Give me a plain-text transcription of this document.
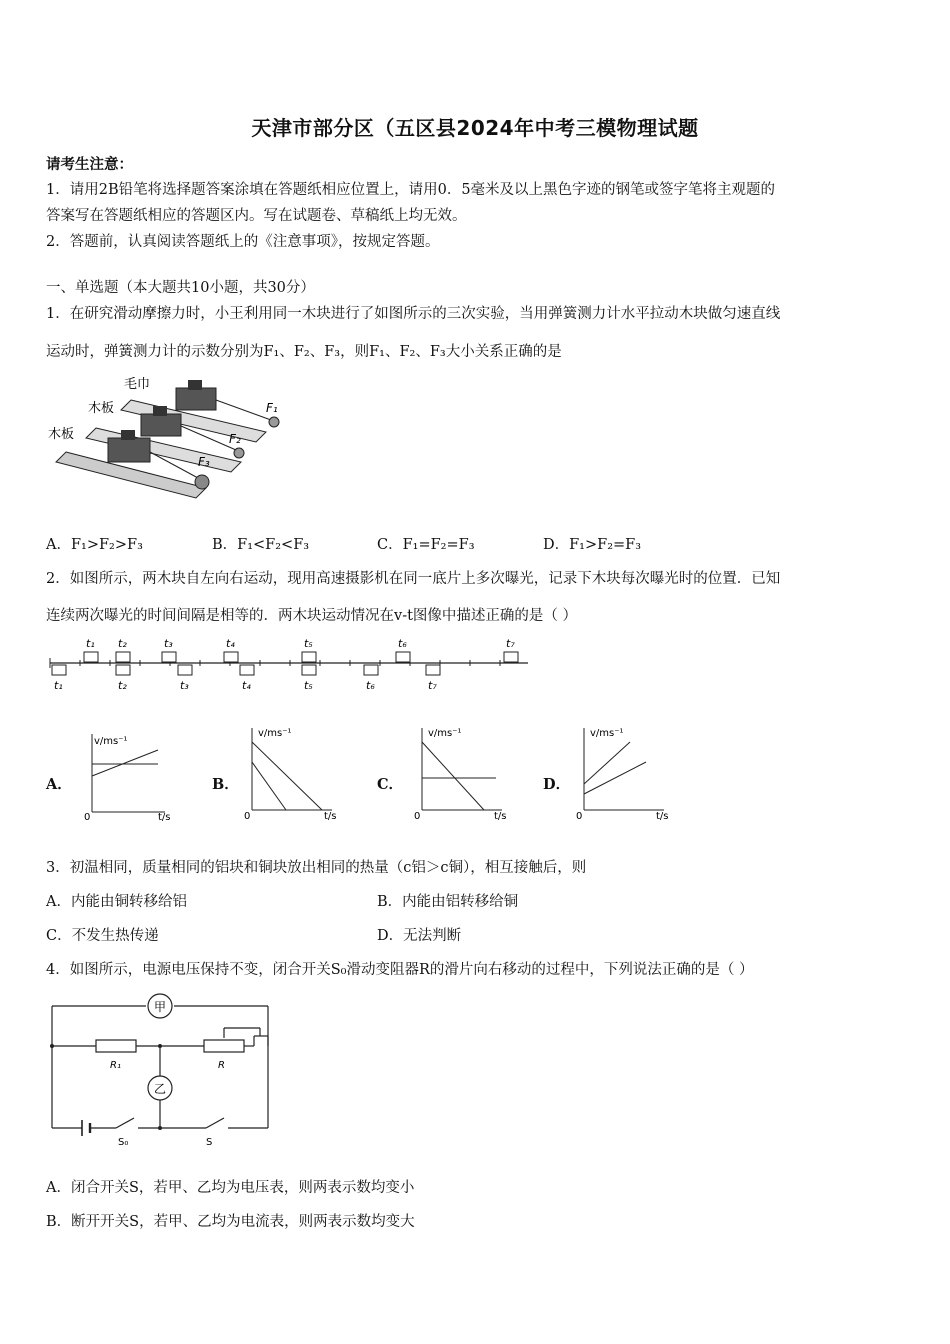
天津市部分区（五区县2024年中考三模物理试题
请考生注意：
1．请用2B铅笔将选择题答案涂填在答题纸相应位置上，请用0．5毫米及以上黑色字迹的钢笔或签字笔将主观题的
答案写在答题纸相应的答题区内。写在试题卷、草稿纸上均无效。
2．答题前，认真阅读答题纸上的《注意事项》，按规定答题。
一、单选题（本大题共10小题，共30分）
1．在研究滑动摩擦力时，小王利用同一木块进行了如图所示的三次实验，当用弹簧测力计水平拉动木块做匀速直线
运动时，弹簧测力计的示数分别为F₁、F₂、F₃，则F₁、F₂、F₃大小关系正确的是
毛巾
木板
木板
F₁
F₂
F₃
A．F₁>F₂>F₃	B．F₁<F₂<F₃	C．F₁=F₂=F₃	D．F₁>F₂=F₃
2．如图所示，两木块自左向右运动，现用高速摄影机在同一底片上多次曝光，记录下木块每次曝光时的位置．已知
连续两次曝光的时间间隔是相等的．两木块运动情况在v-t图像中描述正确的是（ ）
t₁ t₂	t₃	t₄	t₅	t₆	t₇
t₁	t₂	t₃	t₄	t₅	t₆	t₇
A．
v/ms⁻¹
0	t/s
B．
v/ms⁻¹
0	t/s
C．
v/ms⁻¹
0	t/s
D．
v/ms⁻¹
0	t/s
3．初温相同，质量相同的铝块和铜块放出相同的热量（c铝＞c铜），相互接触后，则
A．内能由铜转移给铝	B．内能由铝转移给铜
C．不发生热传递	D．无法判断
4．如图所示，电源电压保持不变，闭合开关S₀滑动变阻器R的滑片向右移动的过程中，下列说法正确的是（ ）
甲
乙
R₁	R
S₀	S
A．闭合开关S，若甲、乙均为电压表，则两表示数均变小
B．断开开关S，若甲、乙均为电流表，则两表示数均变大
